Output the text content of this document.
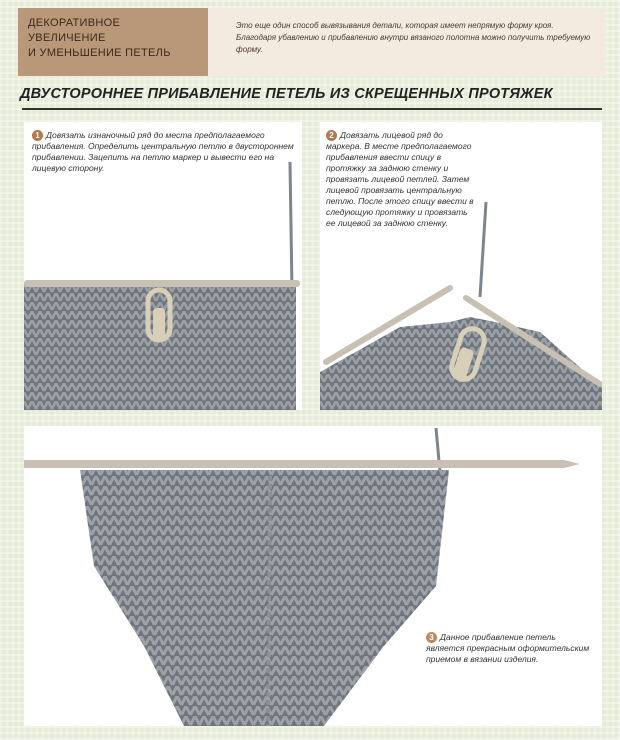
ДЕКОРАТИВНОЕ
УВЕЛИЧЕНИЕ
И УМЕНЬШЕНИЕ ПЕТЕЛЬ
Это еще один способ вывязывания детали, которая имеет непрямую форму кроя. Благодаря убавлению и прибавлению внутри вязаного полотна можно получить требуемую форму.
ДВУСТОРОННЕЕ ПРИБАВЛЕНИЕ ПЕТЕЛЬ ИЗ СКРЕЩЕННЫХ ПРОТЯЖЕК
1 Довязать изнаночный ряд до места предполагаемого прибавления. Определить центральную петлю в двустороннем прибавлении. Зацепить на петлю маркер и вывести его на лицевую сторону.
2 Довязать лицевой ряд до маркера. В месте предполагаемого прибавления ввести спицу в протяжку за заднюю стенку и провязать лицевой петлей. Затем лицевой провязать центральную петлю. После этого спицу ввести в следующую протяжку и провязать ее лицевой за заднюю стенку.
3 Данное прибавление петель является прекрасным оформительским приемом в вязании изделия.
